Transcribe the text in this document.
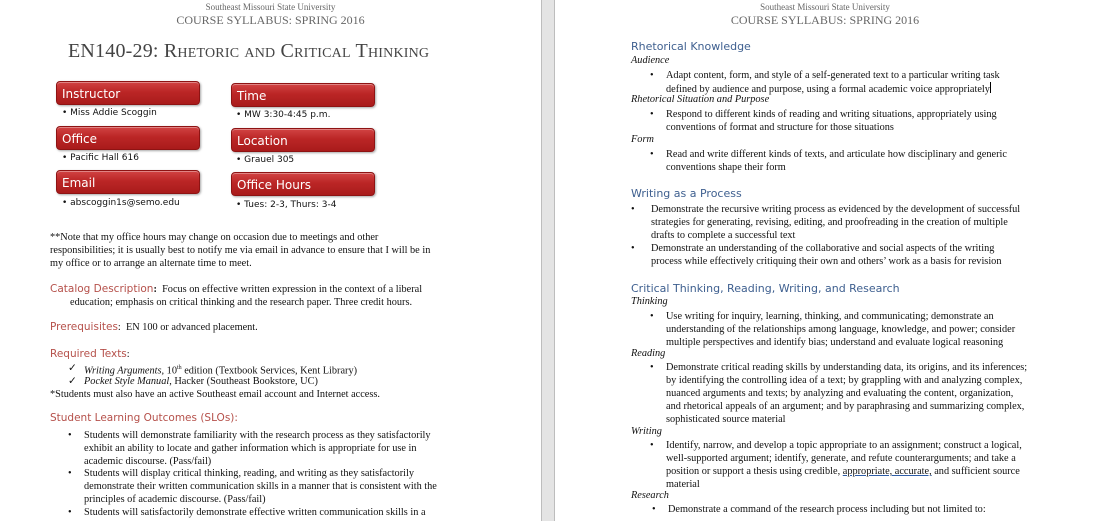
Southeast Missouri State University
COURSE SYLLABUS: SPRING 2016
EN140-29: Rhetoric and Critical Thinking
Instructor
• Miss Addie Scoggin
Time
• MW 3:30-4:45 p.m.
Office
• Pacific Hall 616
Location
• Grauel 305
Email
• abscoggin1s@semo.edu
Office Hours
• Tues: 2-3, Thurs: 3-4
**Note that my office hours may change on occasion due to meetings and other
responsibilities; it is usually best to notify me via email in advance to ensure that I will be in
my office or to arrange an alternate time to meet.
Catalog Description: Focus on effective written expression in the context of a liberal
education; emphasis on critical thinking and the research paper. Three credit hours.
Prerequisites:  EN 100 or advanced placement.
Required Texts:
✓ Writing Arguments, 10th edition (Textbook Services, Kent Library)
✓ Pocket Style Manual, Hacker (Southeast Bookstore, UC)
*Students must also have an active Southeast email account and Internet access.
Student Learning Outcomes (SLOs):
• Students will demonstrate familiarity with the research process as they satisfactorily
exhibit an ability to locate and gather information which is appropriate for use in
academic discourse. (Pass/fail)
• Students will display critical thinking, reading, and writing as they satisfactorily
demonstrate their written communication skills in a manner that is consistent with the
principles of academic discourse. (Pass/fail)
• Students will satisfactorily demonstrate effective written communication skills in a
Southeast Missouri State University
COURSE SYLLABUS: SPRING 2016
Rhetorical Knowledge
Audience
• Adapt content, form, and style of a self-generated text to a particular writing task
defined by audience and purpose, using a formal academic voice appropriately
Rhetorical Situation and Purpose
• Respond to different kinds of reading and writing situations, appropriately using
conventions of format and structure for those situations
Form
• Read and write different kinds of texts, and articulate how disciplinary and generic
conventions shape their form
Writing as a Process
• Demonstrate the recursive writing process as evidenced by the development of successful
strategies for generating, revising, editing, and proofreading in the creation of multiple
drafts to complete a successful text
• Demonstrate an understanding of the collaborative and social aspects of the writing
process while effectively critiquing their own and others’ work as a basis for revision
Critical Thinking, Reading, Writing, and Research
Thinking
• Use writing for inquiry, learning, thinking, and communicating; demonstrate an
understanding of the relationships among language, knowledge, and power; consider
multiple perspectives and identify bias; understand and evaluate logical reasoning
Reading
• Demonstrate critical reading skills by understanding data, its origins, and its inferences;
by identifying the controlling idea of a text; by grappling with and analyzing complex,
nuanced arguments and texts; by analyzing and evaluating the content, organization,
and rhetorical appeals of an argument; and by paraphrasing and summarizing complex,
sophisticated source material
Writing
• Identify, narrow, and develop a topic appropriate to an assignment; construct a logical,
well-supported argument; identify, generate, and refute counterarguments; and take a
position or support a thesis using credible, appropriate, accurate, and sufficient source
material
Research
• Demonstrate a command of the research process including but not limited to:
